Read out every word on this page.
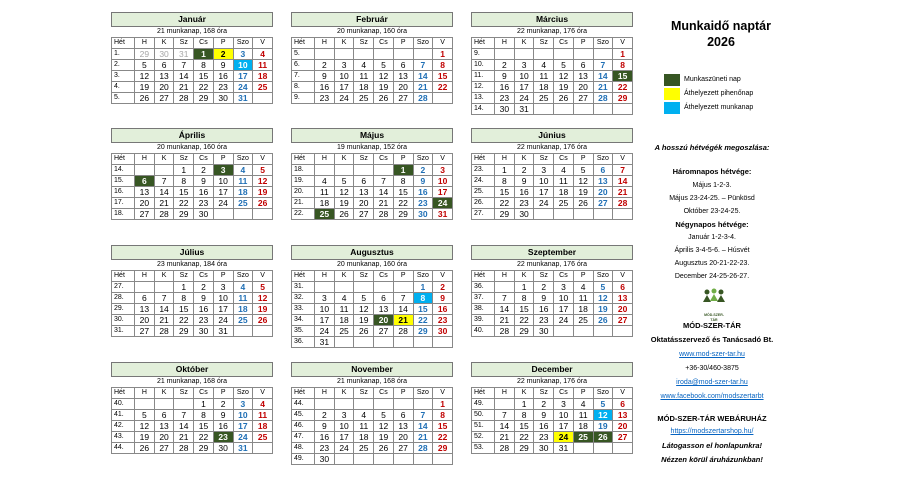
Január
21 munkanap, 168 óra
Hét	H	K	Sz	Cs	P	Szo	V
1.	29	30	31	1	2	3	4
2.	5	6	7	8	9	10	11
3.	12	13	14	15	16	17	18
4.	19	20	21	22	23	24	25
5.	26	27	28	29	30	31	
Február
20 munkanap, 160 óra
Hét	H	K	Sz	Cs	P	Szo	V
5.							1
6.	2	3	4	5	6	7	8
7.	9	10	11	12	13	14	15
8.	16	17	18	19	20	21	22
9.	23	24	25	26	27	28	
Március
22 munkanap, 176 óra
Hét	H	K	Sz	Cs	P	Szo	V
9.							1
10.	2	3	4	5	6	7	8
11.	9	10	11	12	13	14	15
12.	16	17	18	19	20	21	22
13.	23	24	25	26	27	28	29
14.	30	31					
Április
20 munkanap, 160 óra
Hét	H	K	Sz	Cs	P	Szo	V
14.			1	2	3	4	5
15.	6	7	8	9	10	11	12
16.	13	14	15	16	17	18	19
17.	20	21	22	23	24	25	26
18.	27	28	29	30			
Május
19 munkanap, 152 óra
Hét	H	K	Sz	Cs	P	Szo	V
18.					1	2	3
19.	4	5	6	7	8	9	10
20.	11	12	13	14	15	16	17
21.	18	19	20	21	22	23	24
22.	25	26	27	28	29	30	31
Június
22 munkanap, 176 óra
Hét	H	K	Sz	Cs	P	Szo	V
23.	1	2	3	4	5	6	7
24.	8	9	10	11	12	13	14
25.	15	16	17	18	19	20	21
26.	22	23	24	25	26	27	28
27.	29	30					
Július
23 munkanap, 184 óra
Hét	H	K	Sz	Cs	P	Szo	V
27.			1	2	3	4	5
28.	6	7	8	9	10	11	12
29.	13	14	15	16	17	18	19
30.	20	21	22	23	24	25	26
31.	27	28	29	30	31		
Augusztus
20 munkanap, 160 óra
Hét	H	K	Sz	Cs	P	Szo	V
31.						1	2
32.	3	4	5	6	7	8	9
33.	10	11	12	13	14	15	16
34.	17	18	19	20	21	22	23
35.	24	25	26	27	28	29	30
36.	31						
Szeptember
22 munkanap, 176 óra
Hét	H	K	Sz	Cs	P	Szo	V
36.		1	2	3	4	5	6
37.	7	8	9	10	11	12	13
38.	14	15	16	17	18	19	20
39.	21	22	23	24	25	26	27
40.	28	29	30				
Október
21 munkanap, 168 óra
Hét	H	K	Sz	Cs	P	Szo	V
40.				1	2	3	4
41.	5	6	7	8	9	10	11
42.	12	13	14	15	16	17	18
43.	19	20	21	22	23	24	25
44.	26	27	28	29	30	31	
November
21 munkanap, 168 óra
Hét	H	K	Sz	Cs	P	Szo	V
44.							1
45.	2	3	4	5	6	7	8
46.	9	10	11	12	13	14	15
47.	16	17	18	19	20	21	22
48.	23	24	25	26	27	28	29
49.	30						
December
22 munkanap, 176 óra
Hét	H	K	Sz	Cs	P	Szo	V
49.		1	2	3	4	5	6
50.	7	8	9	10	11	12	13
51.	14	15	16	17	18	19	20
52.	21	22	23	24	25	26	27
53.	28	29	30	31			
Munkaidő naptár
2026
Munkaszüneti nap
Áthelyezett pihenőnap
Áthelyezett munkanap
A hosszú hétvégék megoszlása:
Háromnapos hétvége:
Május 1-2-3.
Május 23-24-25. – Pünkösd
Október 23-24-25.
Négynapos hétvége:
Január 1-2-3-4.
Április 3-4-5-6. – Húsvét
Augusztus 20-21-22-23.
December 24-25-26-27.
MÓD-SZER-TÁR
MÓD-SZER-TÁR
Oktatásszervező és Tanácsadó Bt.
www.mod-szer-tar.hu
+36-30/460-3875
iroda@mod-szer-tar.hu
www.facebook.com/modszertarbt
MÓD-SZER-TÁR WEBÁRUHÁZ
https://modszertarshop.hu/
Látogasson el honlapunkra!
Nézzen körül áruházunkban!
